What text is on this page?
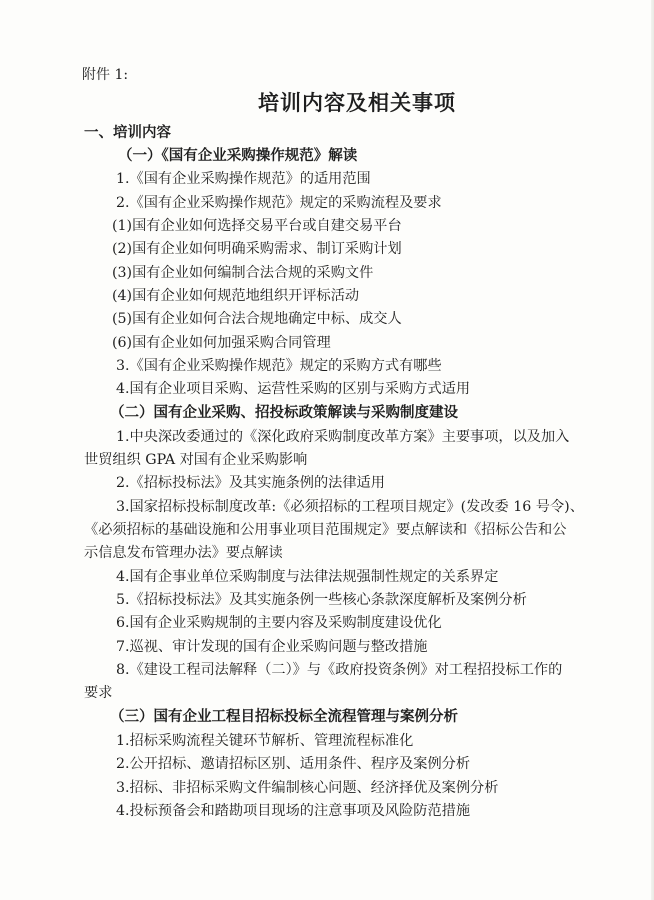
附件 1:
培训内容及相关事项
一、培训内容
（一）《国有企业采购操作规范》解读
1.《国有企业采购操作规范》的适用范围
2.《国有企业采购操作规范》规定的采购流程及要求
(1)国有企业如何选择交易平台或自建交易平台
(2)国有企业如何明确采购需求、制订采购计划
(3)国有企业如何编制合法合规的采购文件
(4)国有企业如何规范地组织开评标活动
(5)国有企业如何合法合规地确定中标、成交人
(6)国有企业如何加强采购合同管理
3.《国有企业采购操作规范》规定的采购方式有哪些
4.国有企业项目采购、运营性采购的区别与采购方式适用
（二）国有企业采购、招投标政策解读与采购制度建设
1.中央深改委通过的《深化政府采购制度改革方案》主要事项，以及加入
世贸组织 GPA 对国有企业采购影响
2.《招标投标法》及其实施条例的法律适用
3.国家招标投标制度改革:《必须招标的工程项目规定》(发改委 16 号令)、
《必须招标的基础设施和公用事业项目范围规定》要点解读和《招标公告和公
示信息发布管理办法》要点解读
4.国有企事业单位采购制度与法律法规强制性规定的关系界定
5.《招标投标法》及其实施条例一些核心条款深度解析及案例分析
6.国有企业采购规制的主要内容及采购制度建设优化
7.巡视、审计发现的国有企业采购问题与整改措施
8.《建设工程司法解释（二）》与《政府投资条例》对工程招投标工作的
要求
（三）国有企业工程目招标投标全流程管理与案例分析
1.招标采购流程关键环节解析、管理流程标准化
2.公开招标、邀请招标区别、适用条件、程序及案例分析
3.招标、非招标采购文件编制核心问题、经济择优及案例分析
4.投标预备会和踏勘项目现场的注意事项及风险防范措施
